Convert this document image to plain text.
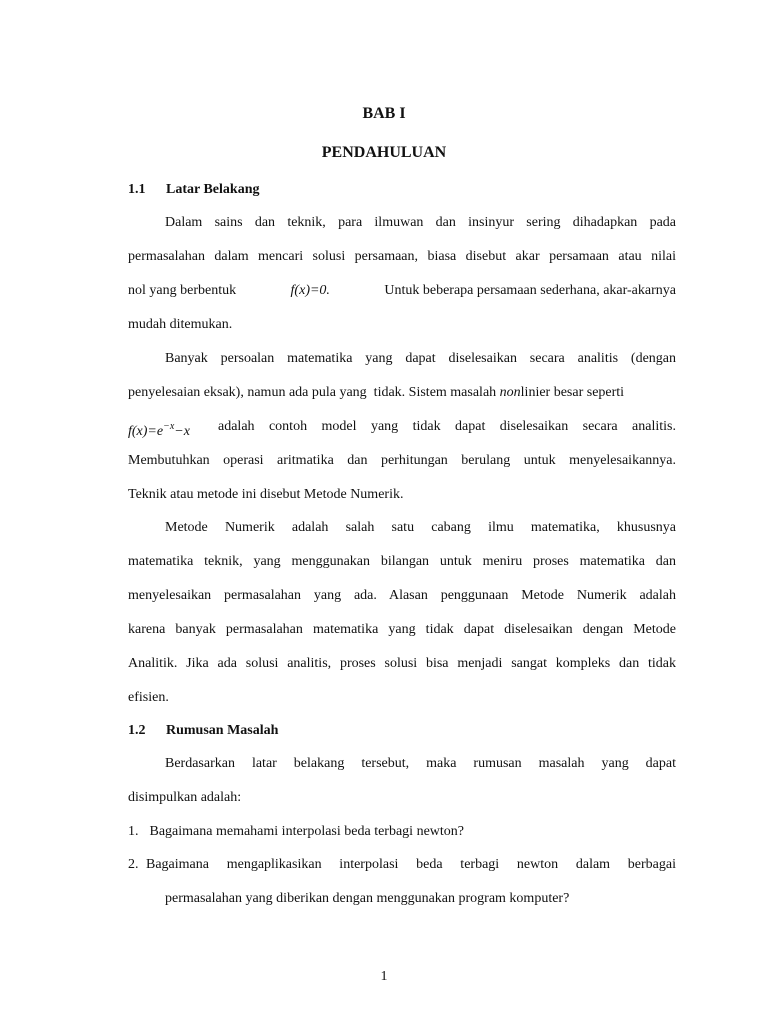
BAB I
PENDAHULUAN
1.1 Latar Belakang
Dalam sains dan teknik, para ilmuwan dan insinyur sering dihadapkan pada
permasalahan dalam mencari solusi persamaan, biasa disebut akar persamaan atau nilai
nol yang berbentuk	f(x)=0.	Untuk beberapa persamaan sederhana, akar-akarnya
mudah ditemukan.
Banyak persoalan matematika yang dapat diselesaikan secara analitis (dengan
penyelesaian eksak), namun ada pula yang  tidak. Sistem masalah non linier besar seperti
$f(x)=e^{-x}-x$ adalah contoh model yang tidak dapat diselesaikan secara analitis.
Membutuhkan operasi aritmatika dan perhitungan berulang untuk menyelesaikannya.
Teknik atau metode ini disebut Metode Numerik.
Metode Numerik adalah salah satu cabang ilmu matematika, khususnya
matematika teknik, yang menggunakan bilangan untuk meniru proses matematika dan
menyelesaikan permasalahan yang ada. Alasan penggunaan Metode Numerik adalah
karena banyak permasalahan matematika yang tidak dapat diselesaikan dengan Metode
Analitik. Jika ada solusi analitis, proses solusi bisa menjadi sangat kompleks dan tidak
efisien.
1.2 Rumusan Masalah
Berdasarkan latar belakang tersebut, maka rumusan masalah yang dapat
disimpulkan adalah:
1. Bagaimana memahami interpolasi beda terbagi newton?
2. Bagaimana mengaplikasikan interpolasi beda terbagi newton dalam berbagai
permasalahan yang diberikan dengan menggunakan program komputer?
1
